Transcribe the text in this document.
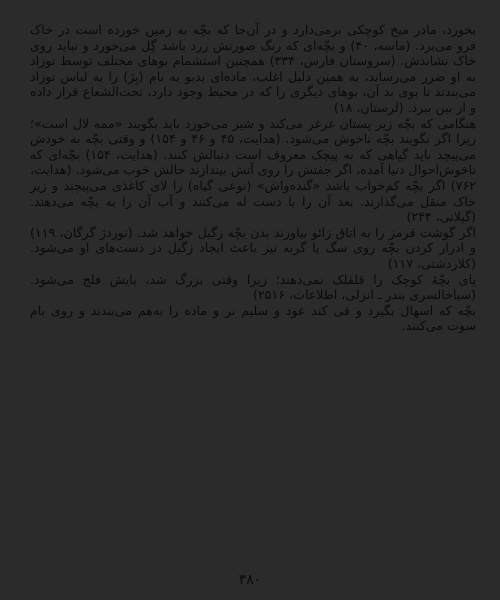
بخورد، مادر میخ کوچکی برمی‌دارد و در آن‌جا که بچّه به زمین خورده است در خاک فرو می‌برد. (ماسه، ۴۰) و بچّه‌ای که رنگ صورتش زرد باشد گِل می‌خورد و نباید روی خاک نشاندش. (سروستان فارس، ۳۳۴) همچنین استشمام بوهای مختلف توسط نوزاد به او ضرر می‌رساند، به همین دلیل اغلب، ماده‌ای بدبو به نام (بِژ) را به لباس نوزاد می‌بندند تا بوی بد آن، بوهای دیگری را که در محیط وجود دارد، تحت‌الشعاع قرار داده و از بین ببرد. (لرستان، ۱۸)

هنگامی که بچّه زیر پستان غرغر می‌کند و شیر می‌خورد باید بگویند «ممه لال است»؛ زیرا اگر نگویند بچّه ناخوش می‌شود. (هدایت، ۴۵ و ۴۶ و ۱۵۴) و وقتی بچّه به خودش می‌پیچد باید گیاهی که به پیچک معروف است دنبالش کنند. (هدایت، ۱۵۴) بچّه‌ای که ناخوش‌احوال دنیا آمده، اگر جفتش را روی آتش بیندازند حالش خوب می‌شود. (هدایت، ۷۶۲) اگر بچّه کم‌خواب باشد «گنده‌واش» (نوعی گیاه) را لای کاغذی می‌پیچند و زیر خاک منقل می‌گذارند. بعد آن را با دست له می‌کنند و آب آن را به بچّه می‌دهند. (گیلانی، ۲۴۴)

اگر گوشت قرمز را به اتاق زائو بیاورند بدن بچّه زگیل خواهد شد. (نوردژ گرگان، ۱۱۹) و ادرار کردن بچّه روی سگ یا گربه نیز باعث ایجاد زگیل در دست‌های او می‌شود. (کلاردشتی، ۱۱۷)

پای بچّهٔ کوچک را قلقلک نمی‌دهند؛ زیرا وقتی بزرگ شد، پایش فلج می‌شود. (سیاخالسری بندر ـ انزلی، اطلاعات، ۲۵۱۶)

بچّه که اسهال بگیرد و قی کند عود و سلیم نر و ماده را به‌هم می‌بندند و روی بام سوت می‌کنند.

۳۸۰
